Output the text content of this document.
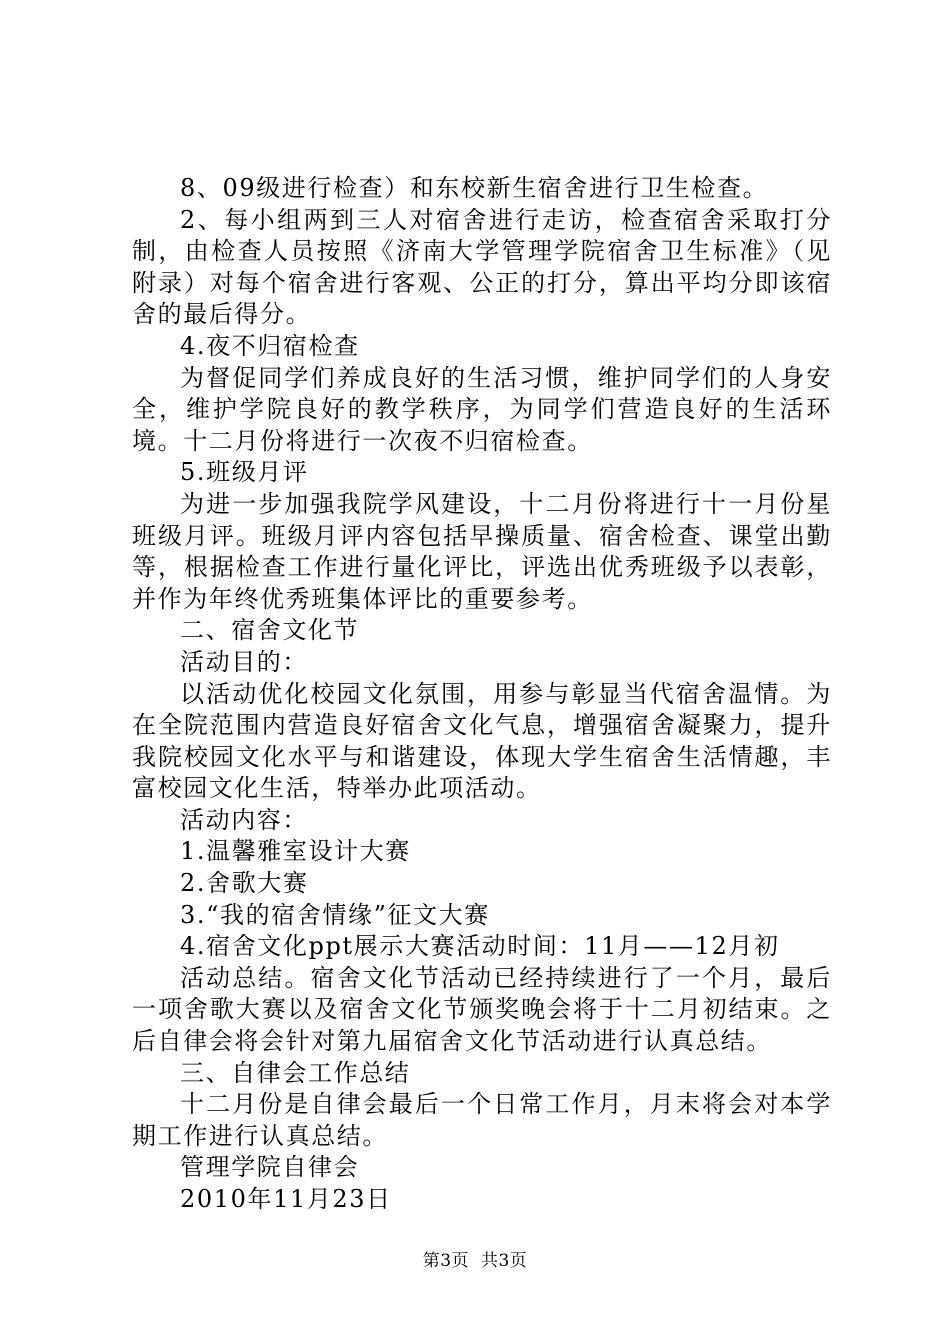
8、09级进行检查）和东校新生宿舍进行卫生检查。

2、每小组两到三人对宿舍进行走访，检查宿舍采取打分制，由检查人员按照《济南大学管理学院宿舍卫生标准》（见附录）对每个宿舍进行客观、公正的打分，算出平均分即该宿舍的最后得分。

4.夜不归宿检查

为督促同学们养成良好的生活习惯，维护同学们的人身安全，维护学院良好的教学秩序，为同学们营造良好的生活环境。十二月份将进行一次夜不归宿检查。

5.班级月评

为进一步加强我院学风建设，十二月份将进行十一月份星班级月评。班级月评内容包括早操质量、宿舍检查、课堂出勤等，根据检查工作进行量化评比，评选出优秀班级予以表彰，并作为年终优秀班集体评比的重要参考。

二、宿舍文化节

活动目的：

以活动优化校园文化氛围，用参与彰显当代宿舍温情。为在全院范围内营造良好宿舍文化气息，增强宿舍凝聚力，提升我院校园文化水平与和谐建设，体现大学生宿舍生活情趣，丰富校园文化生活，特举办此项活动。

活动内容：

1.温馨雅室设计大赛

2.舍歌大赛

3.“我的宿舍情缘”征文大赛

4.宿舍文化ppt展示大赛活动时间：11月——12月初

活动总结。宿舍文化节活动已经持续进行了一个月，最后一项舍歌大赛以及宿舍文化节颁奖晚会将于十二月初结束。之后自律会将会针对第九届宿舍文化节活动进行认真总结。

三、自律会工作总结

十二月份是自律会最后一个日常工作月，月末将会对本学期工作进行认真总结。

管理学院自律会

2010年11月23日

第3页 共3页
